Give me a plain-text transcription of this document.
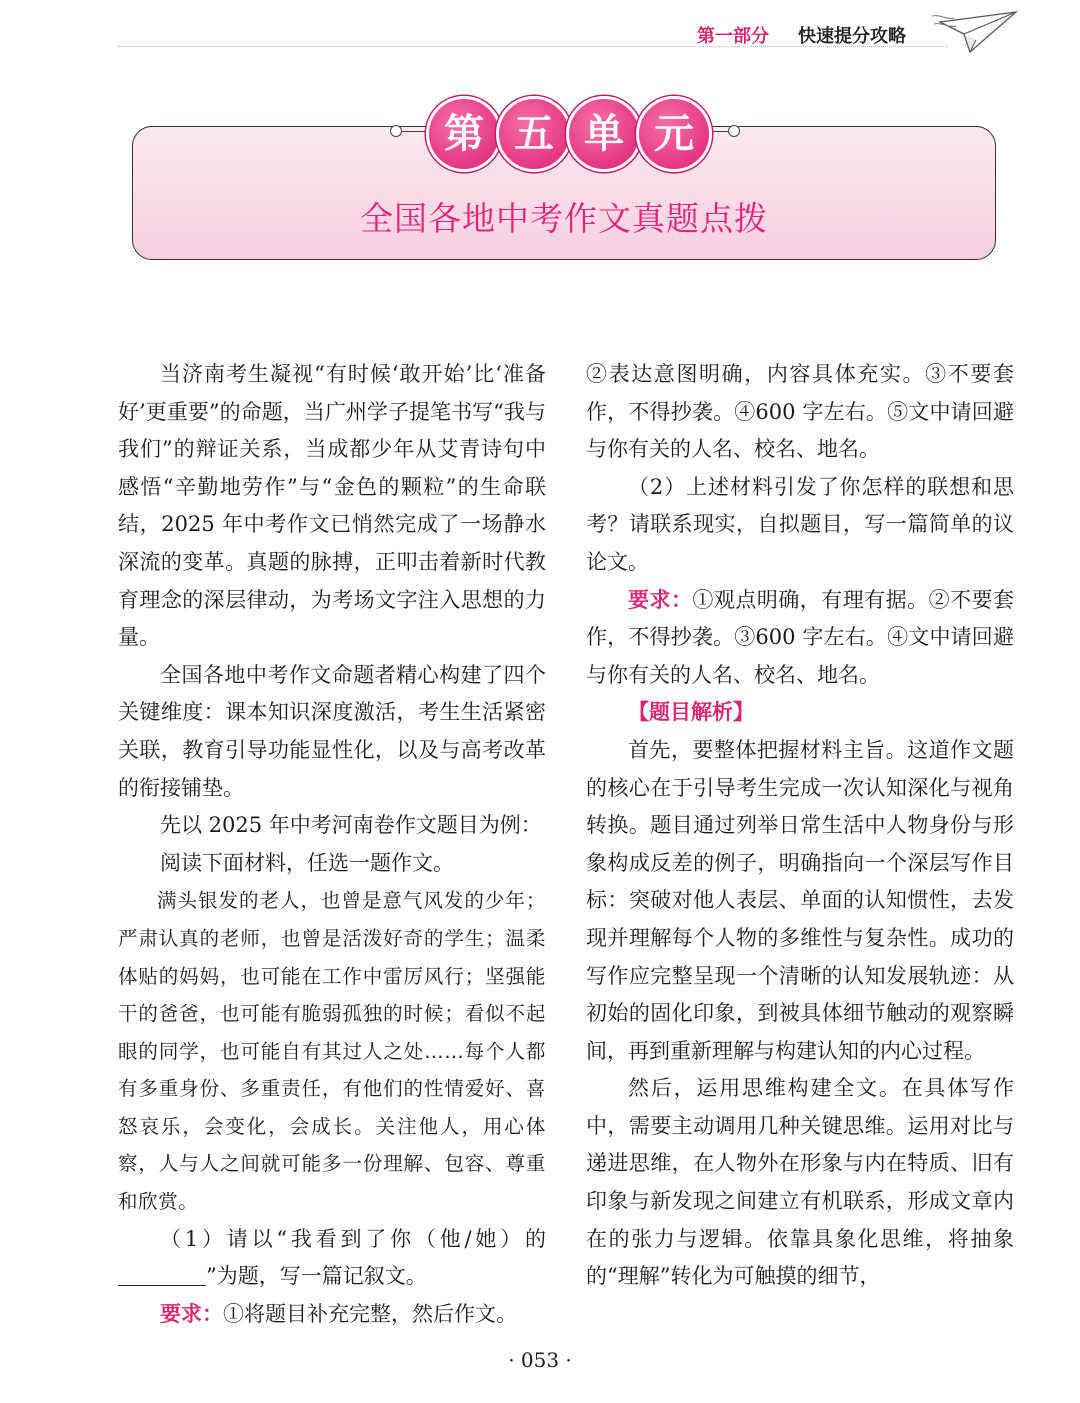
第一部分 快速提分攻略
全国各地中考作文真题点拨
第 五 单 元

当济南考生凝视“有时候‘敢开始’比‘准备好’更重要”的命题，当广州学子提笔书写“我与我们”的辩证关系，当成都少年从艾青诗句中感悟“辛勤地劳作”与“金色的颗粒”的生命联结，2025 年中考作文已悄然完成了一场静水深流的变革。真题的脉搏，正叩击着新时代教育理念的深层律动，为考场文字注入思想的力量。

全国各地中考作文命题者精心构建了四个关键维度：课本知识深度激活，考生生活紧密关联，教育引导功能显性化，以及与高考改革的衔接铺垫。

先以 2025 年中考河南卷作文题目为例：

阅读下面材料，任选一题作文。

满头银发的老人，也曾是意气风发的少年；严肃认真的老师，也曾是活泼好奇的学生；温柔体贴的妈妈，也可能在工作中雷厉风行；坚强能干的爸爸，也可能有脆弱孤独的时候；看似不起眼的同学，也可能自有其过人之处……每个人都有多重身份、多重责任，有他们的性情爱好、喜怒哀乐，会变化，会成长。关注他人，用心体察，人与人之间就可能多一份理解、包容、尊重和欣赏。

（1）请以“我看到了你（他/她）的”为题，写一篇记叙文。

要求：①将题目补充完整，然后作文。

②表达意图明确，内容具体充实。③不要套作，不得抄袭。④600 字左右。⑤文中请回避与你有关的人名、校名、地名。

（2）上述材料引发了你怎样的联想和思考？请联系现实，自拟题目，写一篇简单的议论文。

要求：①观点明确，有理有据。②不要套作，不得抄袭。③600 字左右。④文中请回避与你有关的人名、校名、地名。

【题目解析】

首先，要整体把握材料主旨。这道作文题的核心在于引导考生完成一次认知深化与视角转换。题目通过列举日常生活中人物身份与形象构成反差的例子，明确指向一个深层写作目标：突破对他人表层、单面的认知惯性，去发现并理解每个人物的多维性与复杂性。成功的写作应完整呈现一个清晰的认知发展轨迹：从初始的固化印象，到被具体细节触动的观察瞬间，再到重新理解与构建认知的内心过程。

然后，运用思维构建全文。在具体写作中，需要主动调用几种关键思维。运用对比与递进思维，在人物外在形象与内在特质、旧有印象与新发现之间建立有机联系，形成文章内在的张力与逻辑。依靠具象化思维，将抽象的“理解”转化为可触摸的细节，

· 053 ·
